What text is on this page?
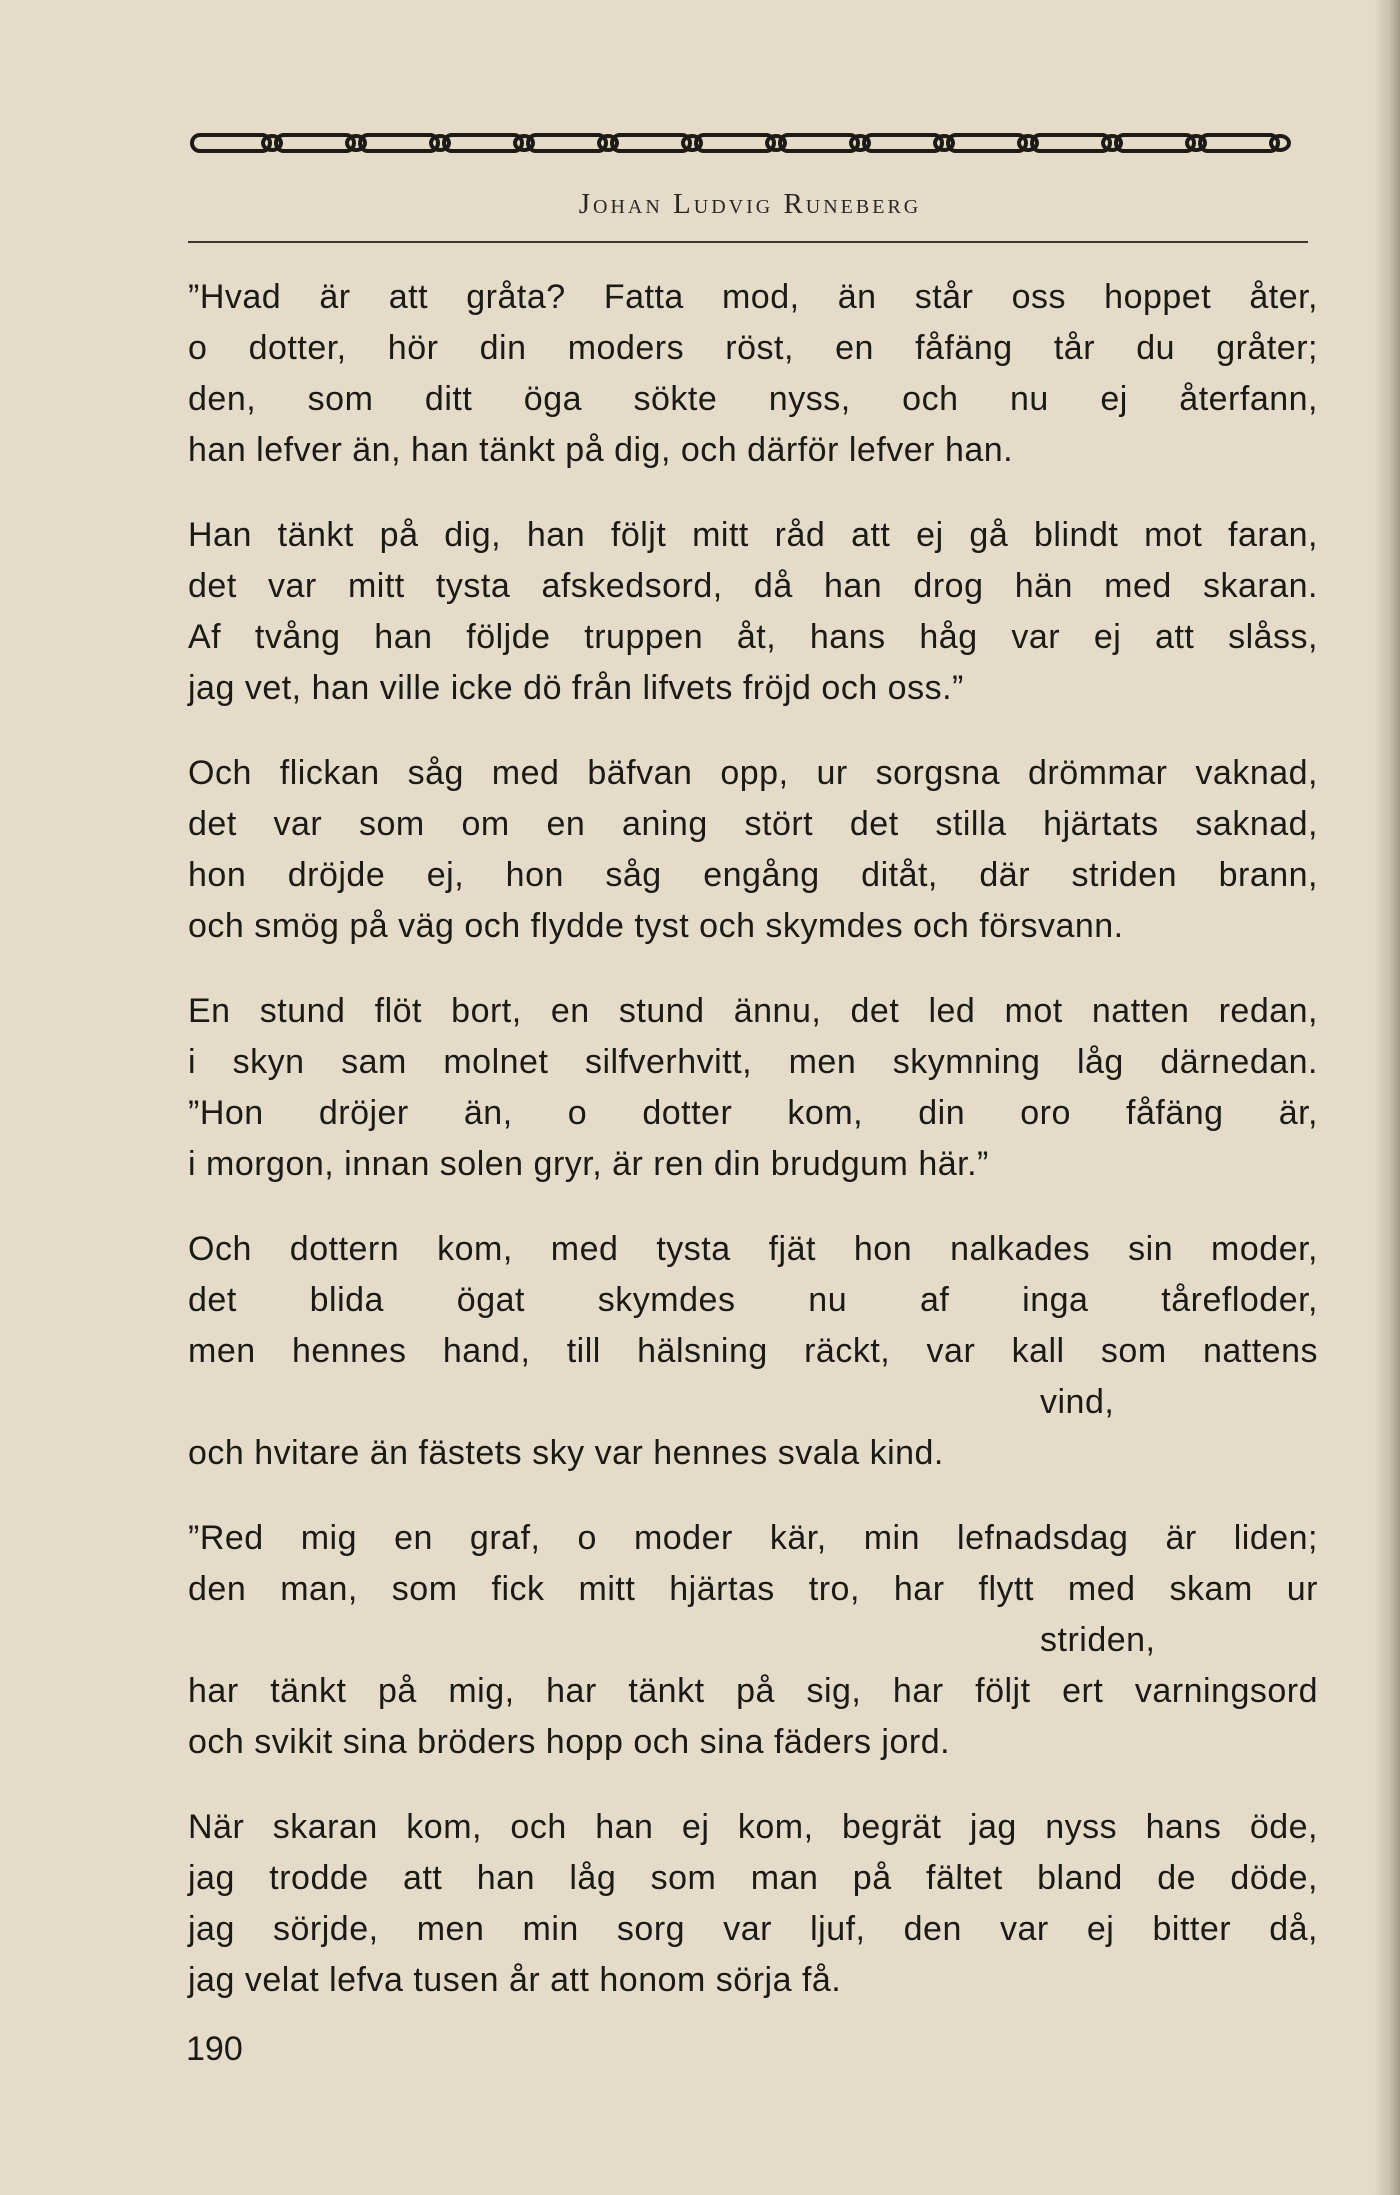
Johan Ludvig Runeberg
”Hvad är att gråta? Fatta mod, än står oss hoppet åter,
o dotter, hör din moders röst, en fåfäng tår du gråter;
den, som ditt öga sökte nyss, och nu ej återfann,
han lefver än, han tänkt på dig, och därför lefver han.
Han tänkt på dig, han följt mitt råd att ej gå blindt mot faran,
det var mitt tysta afskedsord, då han drog hän med skaran.
Af tvång han följde truppen åt, hans håg var ej att slåss,
jag vet, han ville icke dö från lifvets fröjd och oss.”
Och flickan såg med bäfvan opp, ur sorgsna drömmar vaknad,
det var som om en aning stört det stilla hjärtats saknad,
hon dröjde ej, hon såg engång ditåt, där striden brann,
och smög på väg och flydde tyst och skymdes och försvann.
En stund flöt bort, en stund ännu, det led mot natten redan,
i skyn sam molnet silfverhvitt, men skymning låg därnedan.
”Hon dröjer än, o dotter kom, din oro fåfäng är,
i morgon, innan solen gryr, är ren din brudgum här.”
Och dottern kom, med tysta fjät hon nalkades sin moder,
det blida ögat skymdes nu af inga tårefloder,
men hennes hand, till hälsning räckt, var kall som nattens
vind,
och hvitare än fästets sky var hennes svala kind.
”Red mig en graf, o moder kär, min lefnadsdag är liden;
den man, som fick mitt hjärtas tro, har flytt med skam ur
striden,
har tänkt på mig, har tänkt på sig, har följt ert varningsord
och svikit sina bröders hopp och sina fäders jord.
När skaran kom, och han ej kom, begrät jag nyss hans öde,
jag trodde att han låg som man på fältet bland de döde,
jag sörjde, men min sorg var ljuf, den var ej bitter då,
jag velat lefva tusen år att honom sörja få.
190
